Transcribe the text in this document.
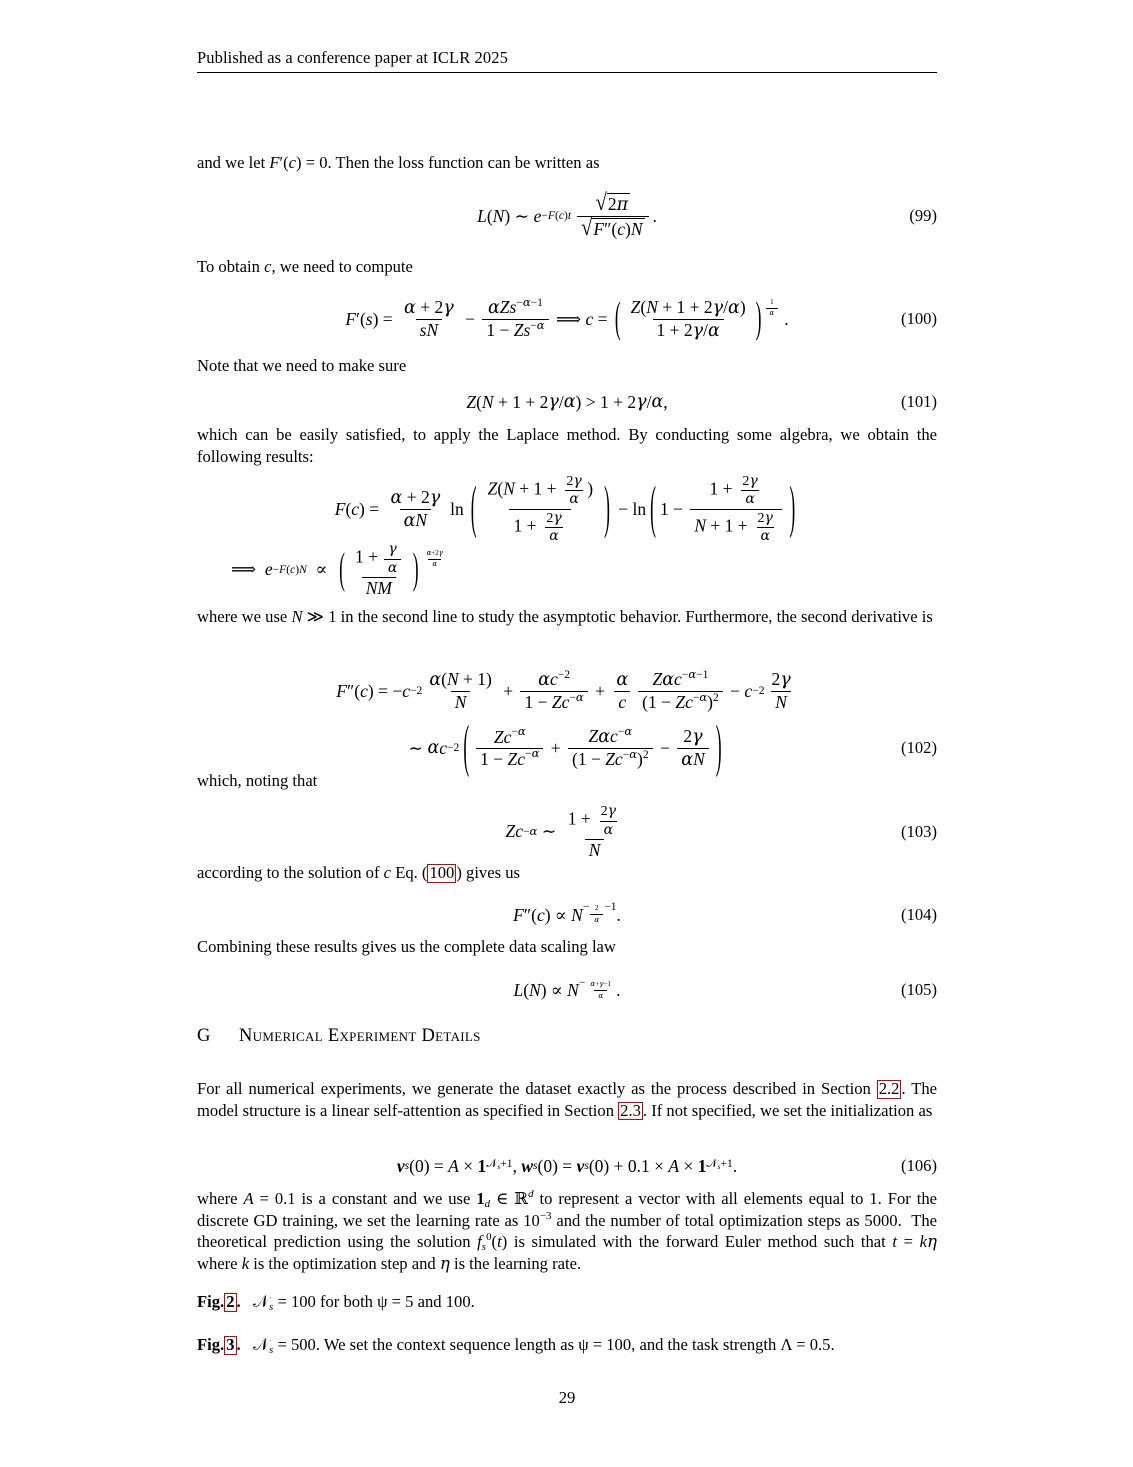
Published as a conference paper at ICLR 2025
and we let F′(c) = 0. Then the loss function can be written as
L ( N ) ∼ $e -F(c)t \frac{√ 2\pi}{√ F''(c)N}$ .	(99)
To obtain c, we need to compute
F ′ ( s ) = $\frac{\alpha + 2\gamma}{sN} - \frac{\alpha Zs^{-\alpha-1}}{1 - Zs^{-\alpha}}$ ⟹ c = ( $\frac{Z(N + 1 + 2\gamma/\alpha)}{1 + 2\gamma/\alpha}$ ) $\frac{1}{\alpha}$
.	(100)
Note that we need to make sure
Z ( N + 1 + 2 γ / α ) > 1 + 2 γ / α ,	(101)
which can be easily satisfied, to apply the Laplace method. By conducting some algebra, we obtain the following results:
F ( c ) = $\frac{\alpha + 2\gamma}{\alpha N}$ ln ( $\frac{Z(N + 1 + \frac{2\gamma}{\alpha} )}{1 + \frac{2\gamma}{\alpha}}$ ) − ln ( $1 - \frac{1 + \frac{2\gamma}{\alpha}}{N + 1 + \frac{2\gamma}{\alpha}}$ )
⟹ e −F(c)N ∝ ( $\frac{1 + \frac{\gamma}{\alpha}}{NM}$ ) $\frac{\alpha+2\gamma}{\alpha}$
where we use N ≫ 1 in the second line to study the asymptotic behavior. Furthermore, the second derivative is
F ″ ( c ) = − $c -2 \frac{\alpha(N + 1)}{N} + \frac{\alpha c^{-2}}{1 - Zc^{-\alpha}} + \frac{\alpha}{c} \frac{Z\alpha c^{-\alpha-1}}{(1 - Zc^{-\alpha})^2} - c -2 \frac{2\gamma}{N}$
∼ α c −2 ( $\frac{Zc^{-\alpha}}{1 - Zc^{-\alpha}} + \frac{Z\alpha c^{-\alpha}}{(1 - Zc^{-\alpha})^2} - \frac{2\gamma}{\alpha N}$ )	(102)
which, noting that
Zc −α ∼ $\frac{1 + \frac{2\gamma}{\alpha}}{N}$	(103)
according to the solution of c Eq. ( 100 ) gives us
F ″ ( c ) ∝ $N - \frac{2}{\alpha} -1$ .	(104)
Combining these results gives us the complete data scaling law
L ( N ) ∝ $N - \frac{\alpha+\gamma-1}{\alpha}$ .	(105)
G Numerical Experiment Details
For all numerical experiments, we generate the dataset exactly as the process described in Section 2.2 . The model structure is a linear self-attention as specified in Section 2.3 . If not specified, we set the initialization as
v s (0) = A × 1 𝒩$_s$+1 , w s (0) = v s (0) + 0.1 × A × 1 𝒩$_s$+1 .	(106)
where A = 0.1 is a constant and we use $1_d$ ∈ ℝ$^d$ to represent a vector with all elements equal to 1. For the discrete GD training, we set the learning rate as $10^{-3}$ and the number of total optimization steps as 5000.  The theoretical prediction using the solution $f_s^0(t)$ is simulated with the forward Euler method such that t = kη where k is the optimization step and η is the learning rate.
Fig. 2 . 𝒩$_s$ = 100 for both ψ = 5 and 100.
Fig. 3 . 𝒩$_s$ = 500. We set the context sequence length as ψ = 100, and the task strength Λ = 0.5.
29
